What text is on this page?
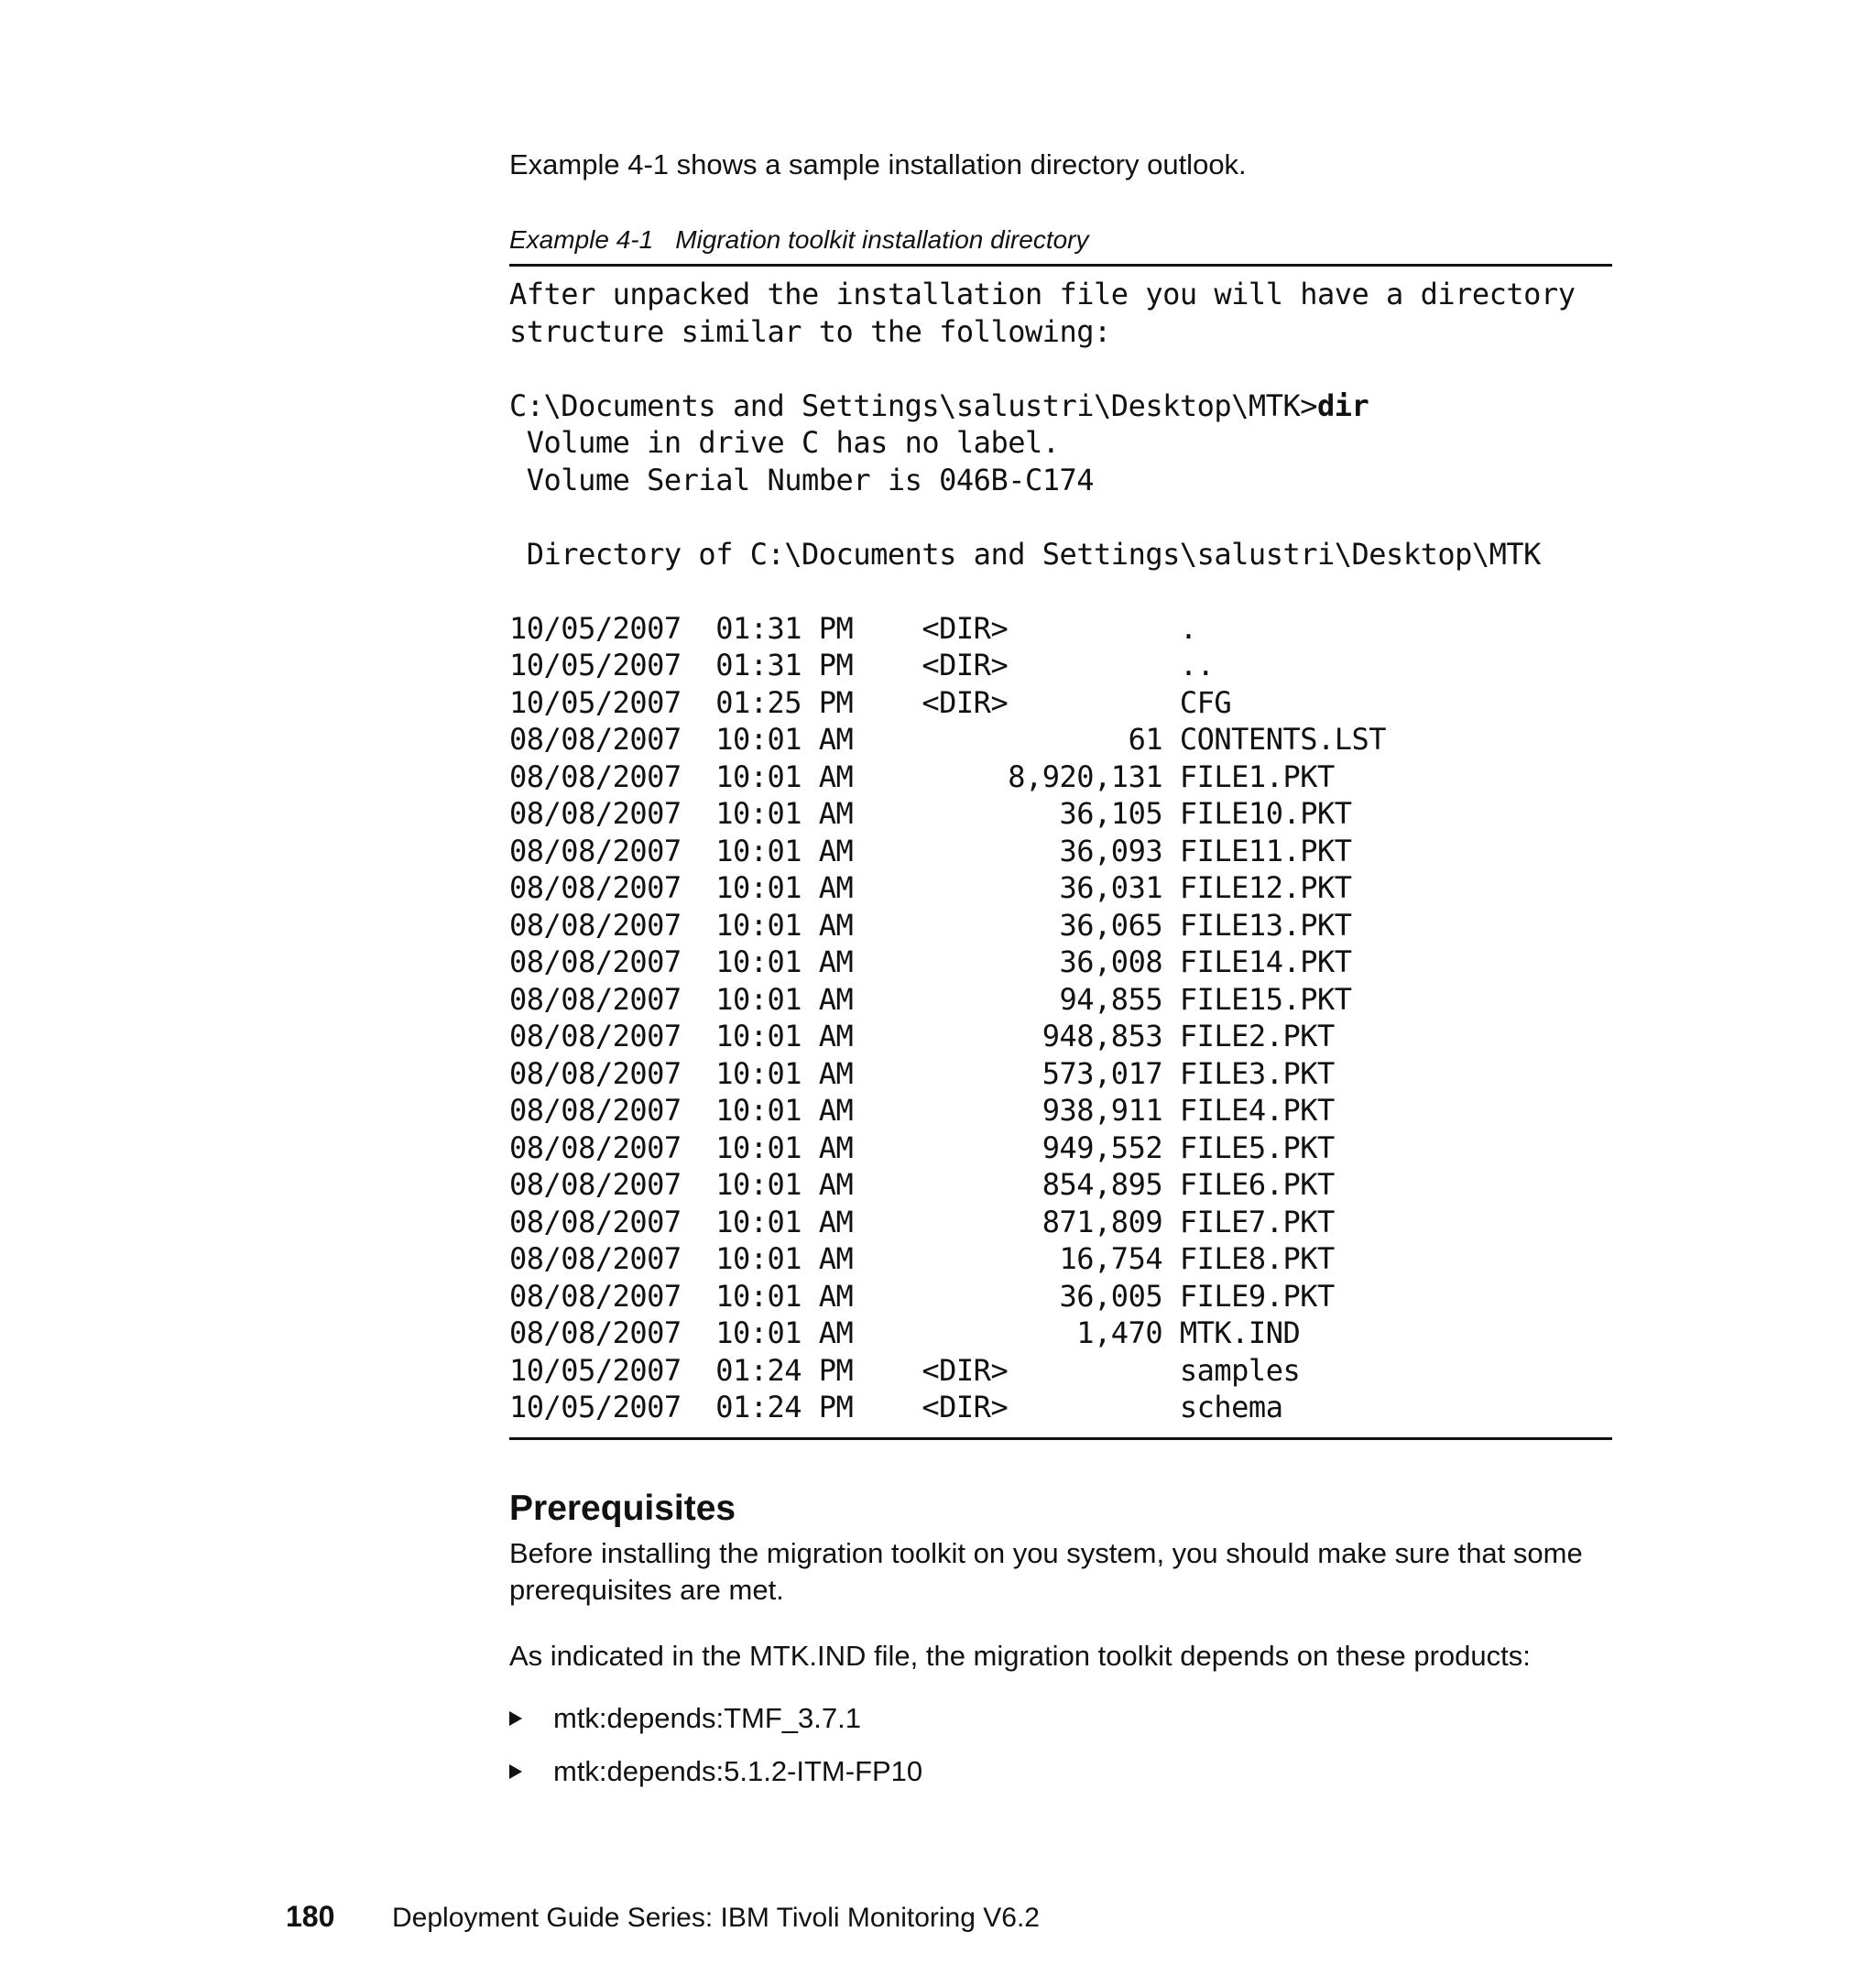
Example 4-1 shows a sample installation directory outlook.

Example 4-1 Migration toolkit installation directory
After unpacked the installation file you will have a directory
structure similar to the following:

C:\Documents and Settings\salustri\Desktop\MTK>dir
Volume in drive C has no label.
Volume Serial Number is 046B-C174

Directory of C:\Documents and Settings\salustri\Desktop\MTK

10/05/2007  01:31 PM    <DIR>          .
10/05/2007  01:31 PM    <DIR>          ..
10/05/2007  01:25 PM    <DIR>          CFG
08/08/2007  10:01 AM                61 CONTENTS.LST
08/08/2007  10:01 AM         8,920,131 FILE1.PKT
08/08/2007  10:01 AM            36,105 FILE10.PKT
08/08/2007  10:01 AM            36,093 FILE11.PKT
08/08/2007  10:01 AM            36,031 FILE12.PKT
08/08/2007  10:01 AM            36,065 FILE13.PKT
08/08/2007  10:01 AM            36,008 FILE14.PKT
08/08/2007  10:01 AM            94,855 FILE15.PKT
08/08/2007  10:01 AM           948,853 FILE2.PKT
08/08/2007  10:01 AM           573,017 FILE3.PKT
08/08/2007  10:01 AM           938,911 FILE4.PKT
08/08/2007  10:01 AM           949,552 FILE5.PKT
08/08/2007  10:01 AM           854,895 FILE6.PKT
08/08/2007  10:01 AM           871,809 FILE7.PKT
08/08/2007  10:01 AM            16,754 FILE8.PKT
08/08/2007  10:01 AM            36,005 FILE9.PKT
08/08/2007  10:01 AM             1,470 MTK.IND
10/05/2007  01:24 PM    <DIR>          samples
10/05/2007  01:24 PM    <DIR>          schema
Prerequisites

Before installing the migration toolkit on you system, you should make sure that some prerequisites are met.

As indicated in the MTK.IND file, the migration toolkit depends on these products:

mtk:depends:TMF_3.7.1
mtk:depends:5.1.2-ITM-FP10
180 Deployment Guide Series: IBM Tivoli Monitoring V6.2
